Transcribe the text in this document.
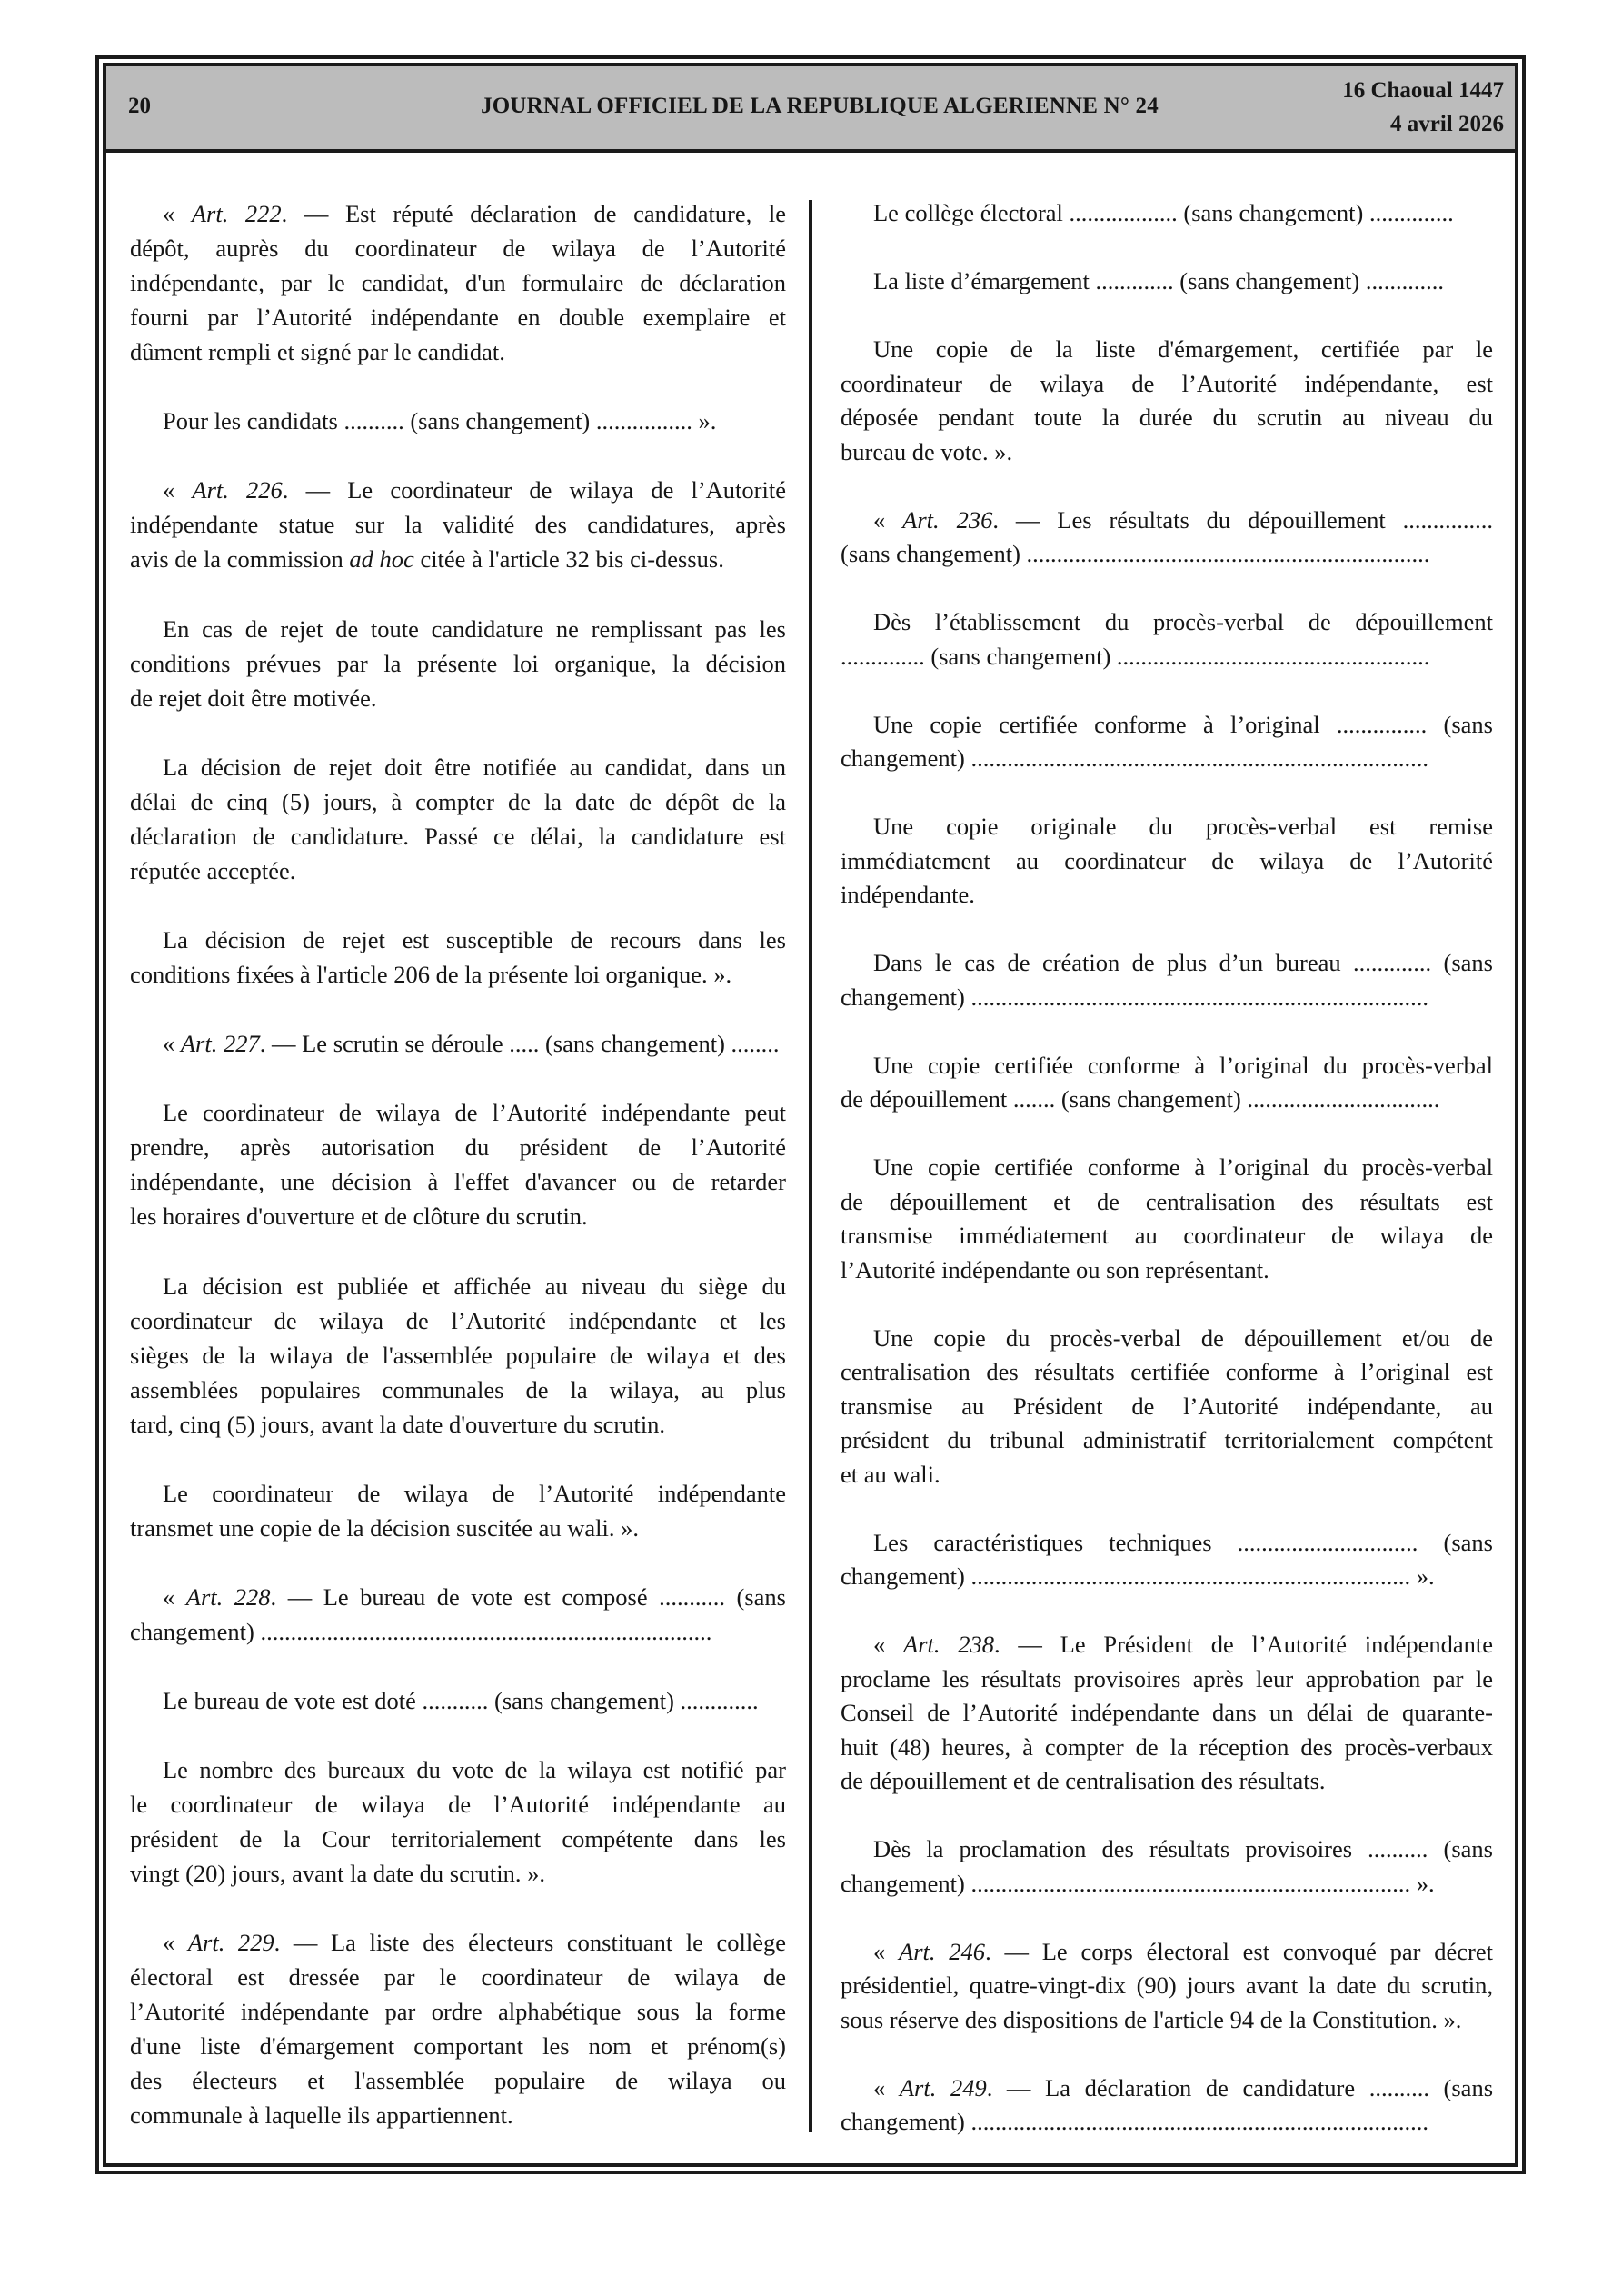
20	JOURNAL OFFICIEL DE LA REPUBLIQUE ALGERIENNE N° 24
16 Chaoual 1447
4 avril 2026
« Art. 222. — Est réputé déclaration de candidature, le
dépôt, auprès du coordinateur de wilaya de l’Autorité
indépendante, par le candidat, d'un formulaire de déclaration
fourni par l’Autorité indépendante en double exemplaire et
dûment rempli et signé par le candidat.
Pour les candidats .......... (sans changement) ................ ».
« Art. 226. — Le coordinateur de wilaya de l’Autorité
indépendante statue sur la validité des candidatures, après
avis de la commission ad hoc citée à l'article 32 bis ci-dessus.
En cas de rejet de toute candidature ne remplissant pas les
conditions prévues par la présente loi organique, la décision
de rejet doit être motivée.
La décision de rejet doit être notifiée au candidat, dans un
délai de cinq (5) jours, à compter de la date de dépôt de la
déclaration de candidature. Passé ce délai, la candidature est
réputée acceptée.
La décision de rejet est susceptible de recours dans les
conditions fixées à l'article 206 de la présente loi organique. ».
« Art. 227. — Le scrutin se déroule ..... (sans changement) ........
Le coordinateur de wilaya de l’Autorité indépendante peut
prendre, après autorisation du président de l’Autorité
indépendante, une décision à l'effet d'avancer ou de retarder
les horaires d'ouverture et de clôture du scrutin.
La décision est publiée et affichée au niveau du siège du
coordinateur de wilaya de l’Autorité indépendante et les
sièges de la wilaya de l'assemblée populaire de wilaya et des
assemblées populaires communales de la wilaya, au plus
tard, cinq (5) jours, avant la date d'ouverture du scrutin.
Le coordinateur de wilaya de l’Autorité indépendante
transmet une copie de la décision suscitée au wali. ».
« Art. 228. — Le bureau de vote est composé ........... (sans
changement) ...........................................................................
Le bureau de vote est doté ........... (sans changement) .............
Le nombre des bureaux du vote de la wilaya est notifié par
le coordinateur de wilaya de l’Autorité indépendante au
président de la Cour territorialement compétente dans les
vingt (20) jours, avant la date du scrutin. ».
« Art. 229. — La liste des électeurs constituant le collège
électoral est dressée par le coordinateur de wilaya de
l’Autorité indépendante par ordre alphabétique sous la forme
d'une liste d'émargement comportant les nom et prénom(s)
des électeurs et l'assemblée populaire de wilaya ou
communale à laquelle ils appartiennent.
Le collège électoral .................. (sans changement) ..............
La liste d’émargement ............. (sans changement) .............
Une copie de la liste d'émargement, certifiée par le
coordinateur de wilaya de l’Autorité indépendante, est
déposée pendant toute la durée du scrutin au niveau du
bureau de vote. ».
« Art. 236. — Les résultats du dépouillement ...............
(sans changement) ...................................................................
Dès l’établissement du procès-verbal de dépouillement
.............. (sans changement) ....................................................
Une copie certifiée conforme à l’original ............... (sans
changement) ............................................................................
Une copie originale du procès-verbal est remise
immédiatement au coordinateur de wilaya de l’Autorité
indépendante.
Dans le cas de création de plus d’un bureau ............. (sans
changement) ............................................................................
Une copie certifiée conforme à l’original du procès-verbal
de dépouillement ....... (sans changement) ................................
Une copie certifiée conforme à l’original du procès-verbal
de dépouillement et de centralisation des résultats est
transmise immédiatement au coordinateur de wilaya de
l’Autorité indépendante ou son représentant.
Une copie du procès-verbal de dépouillement et/ou de
centralisation des résultats certifiée conforme à l’original est
transmise au Président de l’Autorité indépendante, au
président du tribunal administratif territorialement compétent
et au wali.
Les caractéristiques techniques .............................. (sans
changement) ......................................................................... ».
« Art. 238. — Le Président de l’Autorité indépendante
proclame les résultats provisoires après leur approbation par le
Conseil de l’Autorité indépendante dans un délai de quarante-
huit (48) heures, à compter de la réception des procès-verbaux
de dépouillement et de centralisation des résultats.
Dès la proclamation des résultats provisoires .......... (sans
changement) ......................................................................... ».
« Art. 246. — Le corps électoral est convoqué par décret
présidentiel, quatre-vingt-dix (90) jours avant la date du scrutin,
sous réserve des dispositions de l'article 94 de la Constitution. ».
« Art. 249. — La déclaration de candidature .......... (sans
changement) ............................................................................
